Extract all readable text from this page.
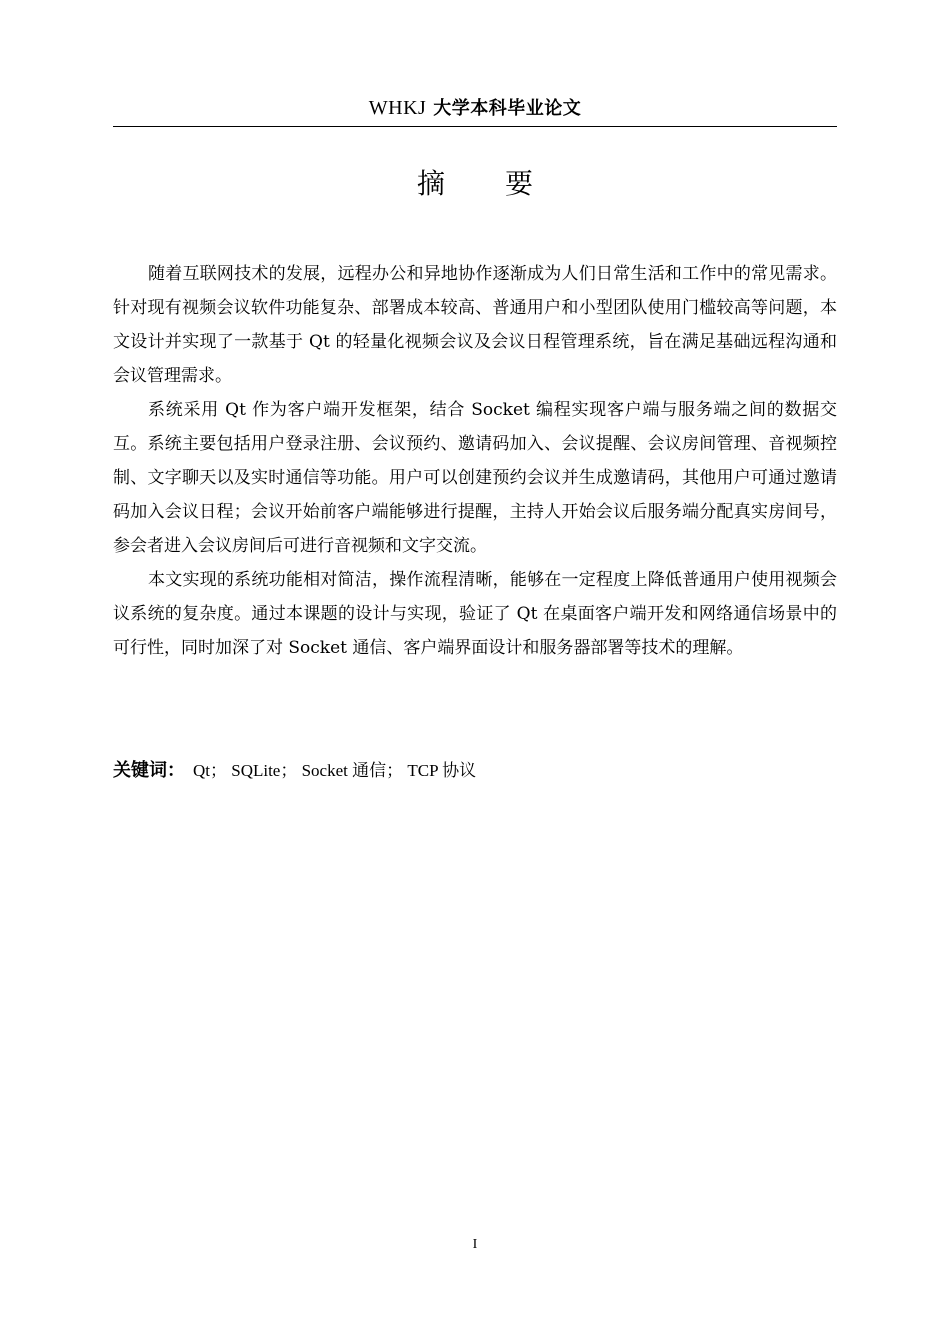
WHKJ 大学本科毕业论文
摘要

随着互联网技术的发展，远程办公和异地协作逐渐成为人们日常生活和工作中的常见需求。针对现有视频会议软件功能复杂、部署成本较高、普通用户和小型团队使用门槛较高等问题，本文设计并实现了一款基于 Qt 的轻量化视频会议及会议日程管理系统，旨在满足基础远程沟通和会议管理需求。

系统采用 Qt 作为客户端开发框架，结合 Socket 编程实现客户端与服务端之间的数据交互。系统主要包括用户登录注册、会议预约、邀请码加入、会议提醒、会议房间管理、音视频控制、文字聊天以及实时通信等功能。用户可以创建预约会议并生成邀请码，其他用户可通过邀请码加入会议日程；会议开始前客户端能够进行提醒，主持人开始会议后服务端分配真实房间号，参会者进入会议房间后可进行音视频和文字交流。

本文实现的系统功能相对简洁，操作流程清晰，能够在一定程度上降低普通用户使用视频会议系统的复杂度。通过本课题的设计与实现，验证了 Qt 在桌面客户端开发和网络通信场景中的可行性，同时加深了对 Socket 通信、客户端界面设计和服务器部署等技术的理解。

关键词： Qt； SQLite； Socket 通信； TCP 协议
I
